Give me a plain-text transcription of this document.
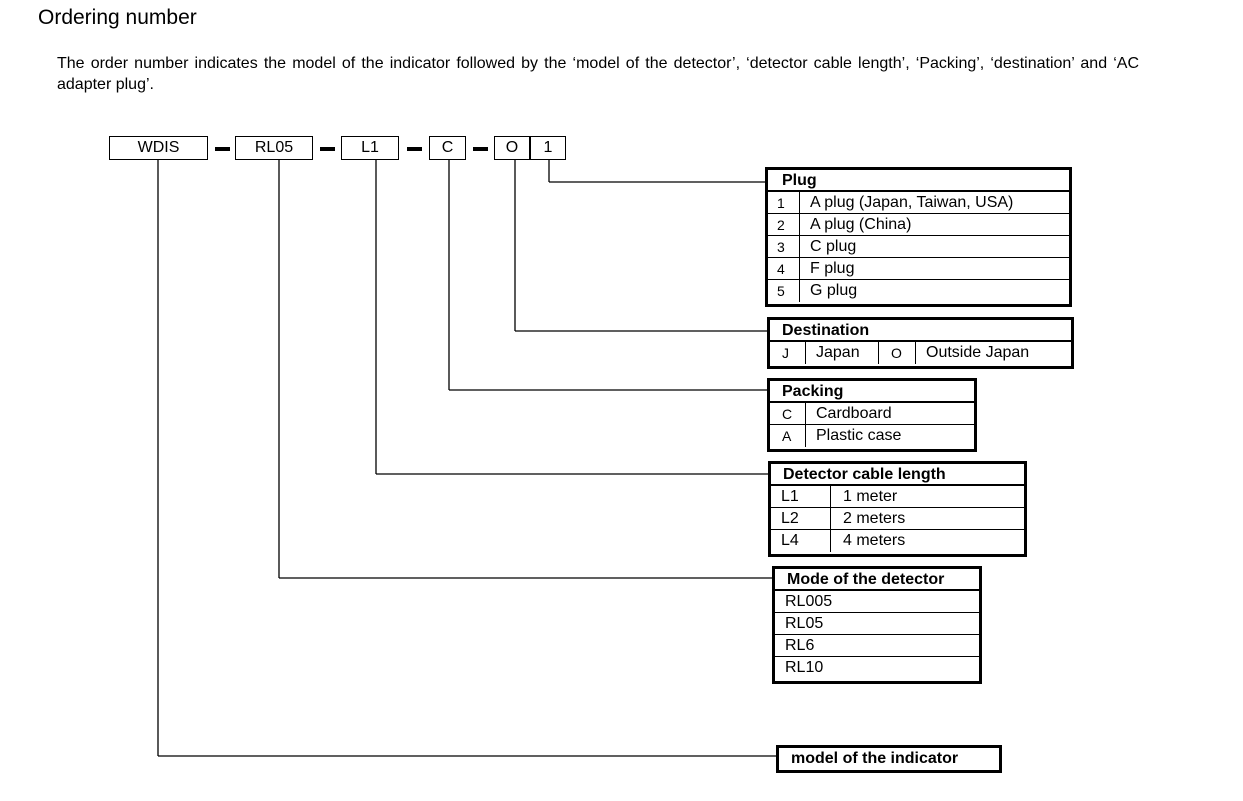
Ordering number
The order number indicates the model of the indicator followed by the ‘model of the detector’, ‘detector cable length’, ‘Packing’, ‘destination’ and ‘AC adapter plug’.
WDIS	RL05	L1	C	O	1
Plug
1	A plug (Japan, Taiwan, USA)
2	A plug (China)
3	C plug
4	F plug
5	G plug
Destination
J	Japan	O	Outside Japan
Packing
C	Cardboard
A	Plastic case
Detector cable length
L1	1 meter
L2	2 meters
L4	4 meters
Mode of the detector
RL005
RL05
RL6
RL10
model of the indicator
